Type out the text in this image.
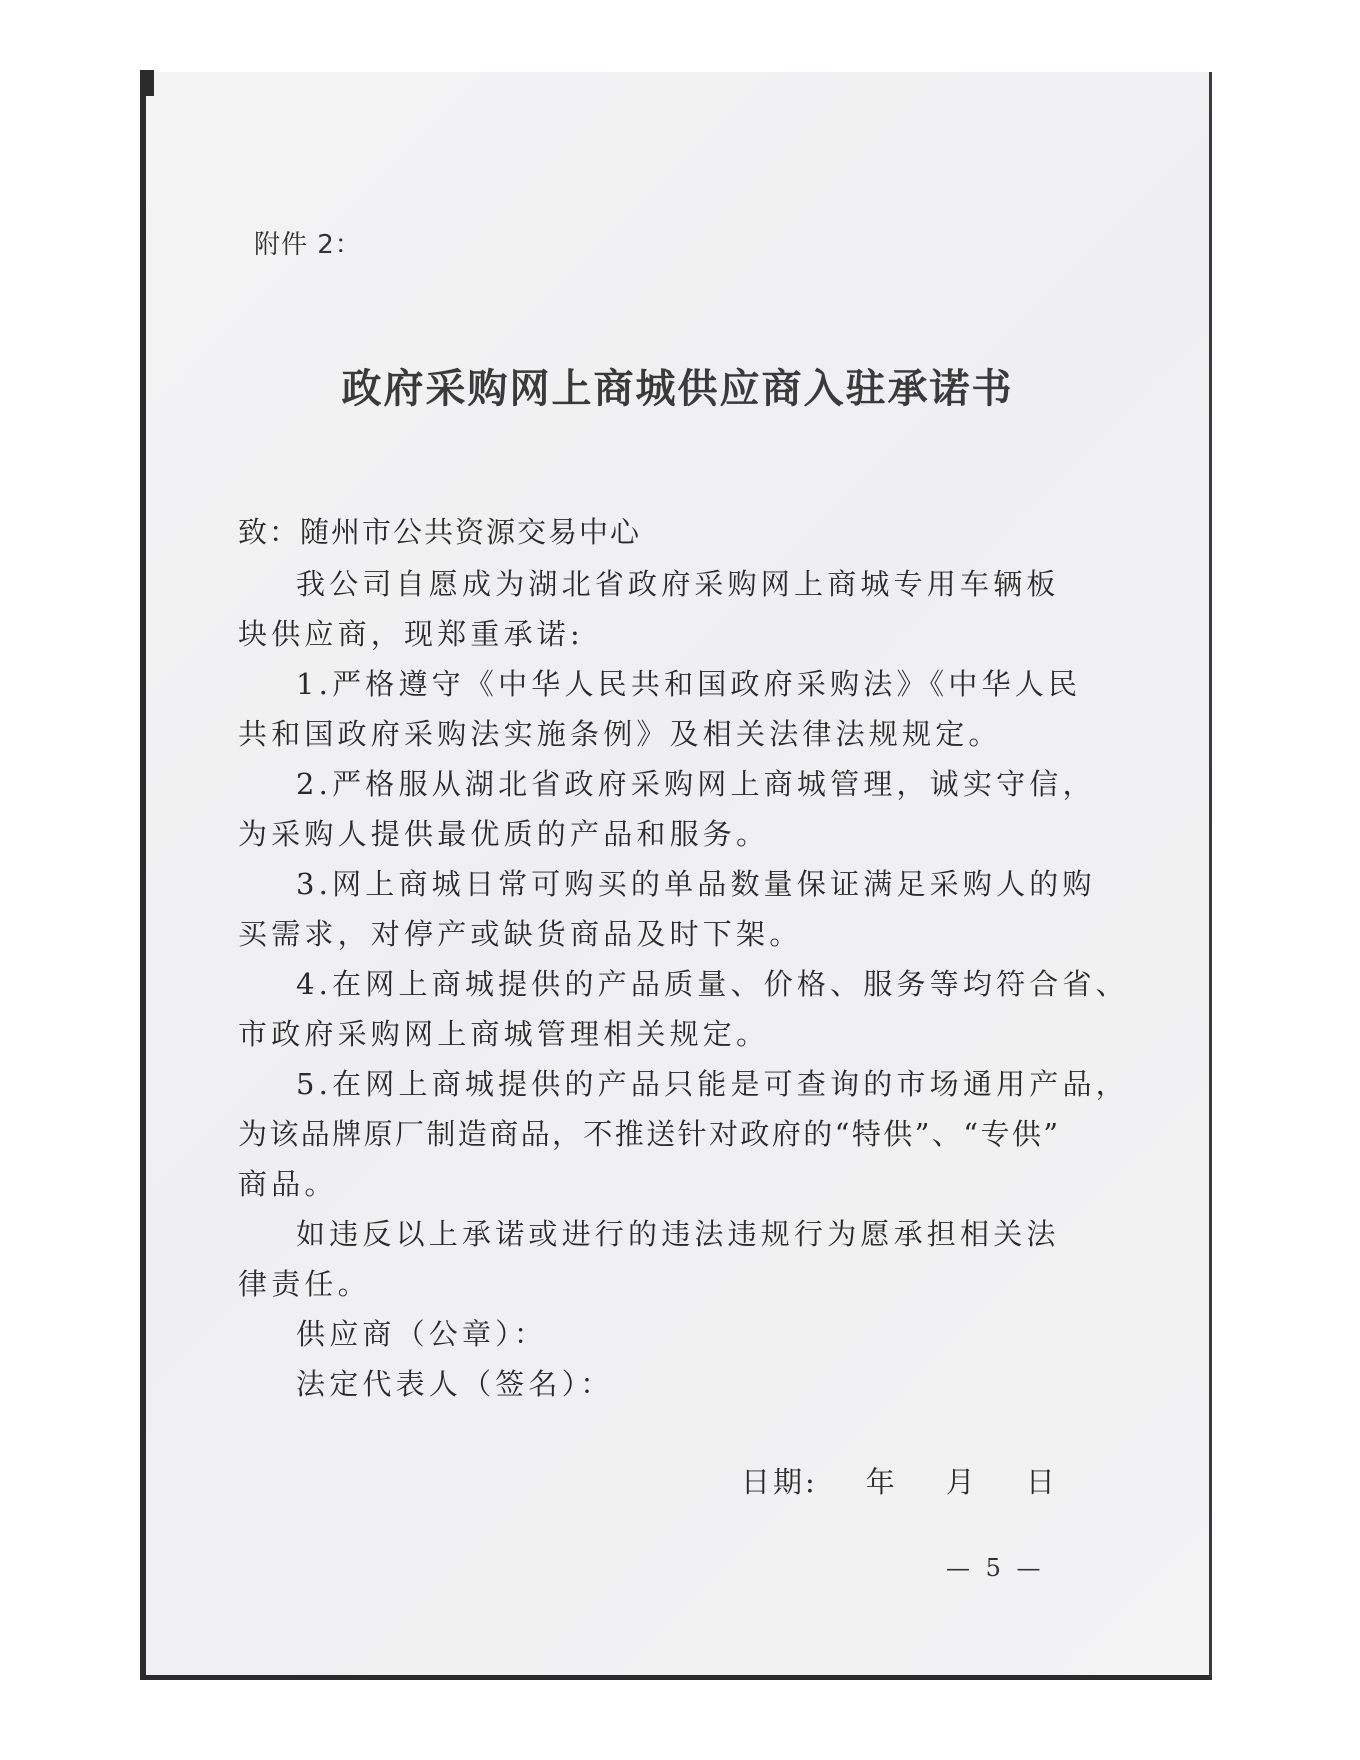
附件 2：
政府采购网上商城供应商入驻承诺书
致：随州市公共资源交易中心
我公司自愿成为湖北省政府采购网上商城专用车辆板
块供应商，现郑重承诺:
1.严格遵守《中华人民共和国政府采购法》《中华人民
共和国政府采购法实施条例》及相关法律法规规定。
2.严格服从湖北省政府采购网上商城管理，诚实守信，
为采购人提供最优质的产品和服务。
3.网上商城日常可购买的单品数量保证满足采购人的购
买需求，对停产或缺货商品及时下架。
4.在网上商城提供的产品质量、价格、服务等均符合省、
市政府采购网上商城管理相关规定。
5.在网上商城提供的产品只能是可查询的市场通用产品，
为该品牌原厂制造商品，不推送针对政府的“特供”、“专供”
商品。
如违反以上承诺或进行的违法违规行为愿承担相关法
律责任。
供应商（公章）：
法定代表人（签名）：
日期: 年 月 日
— 5 —
